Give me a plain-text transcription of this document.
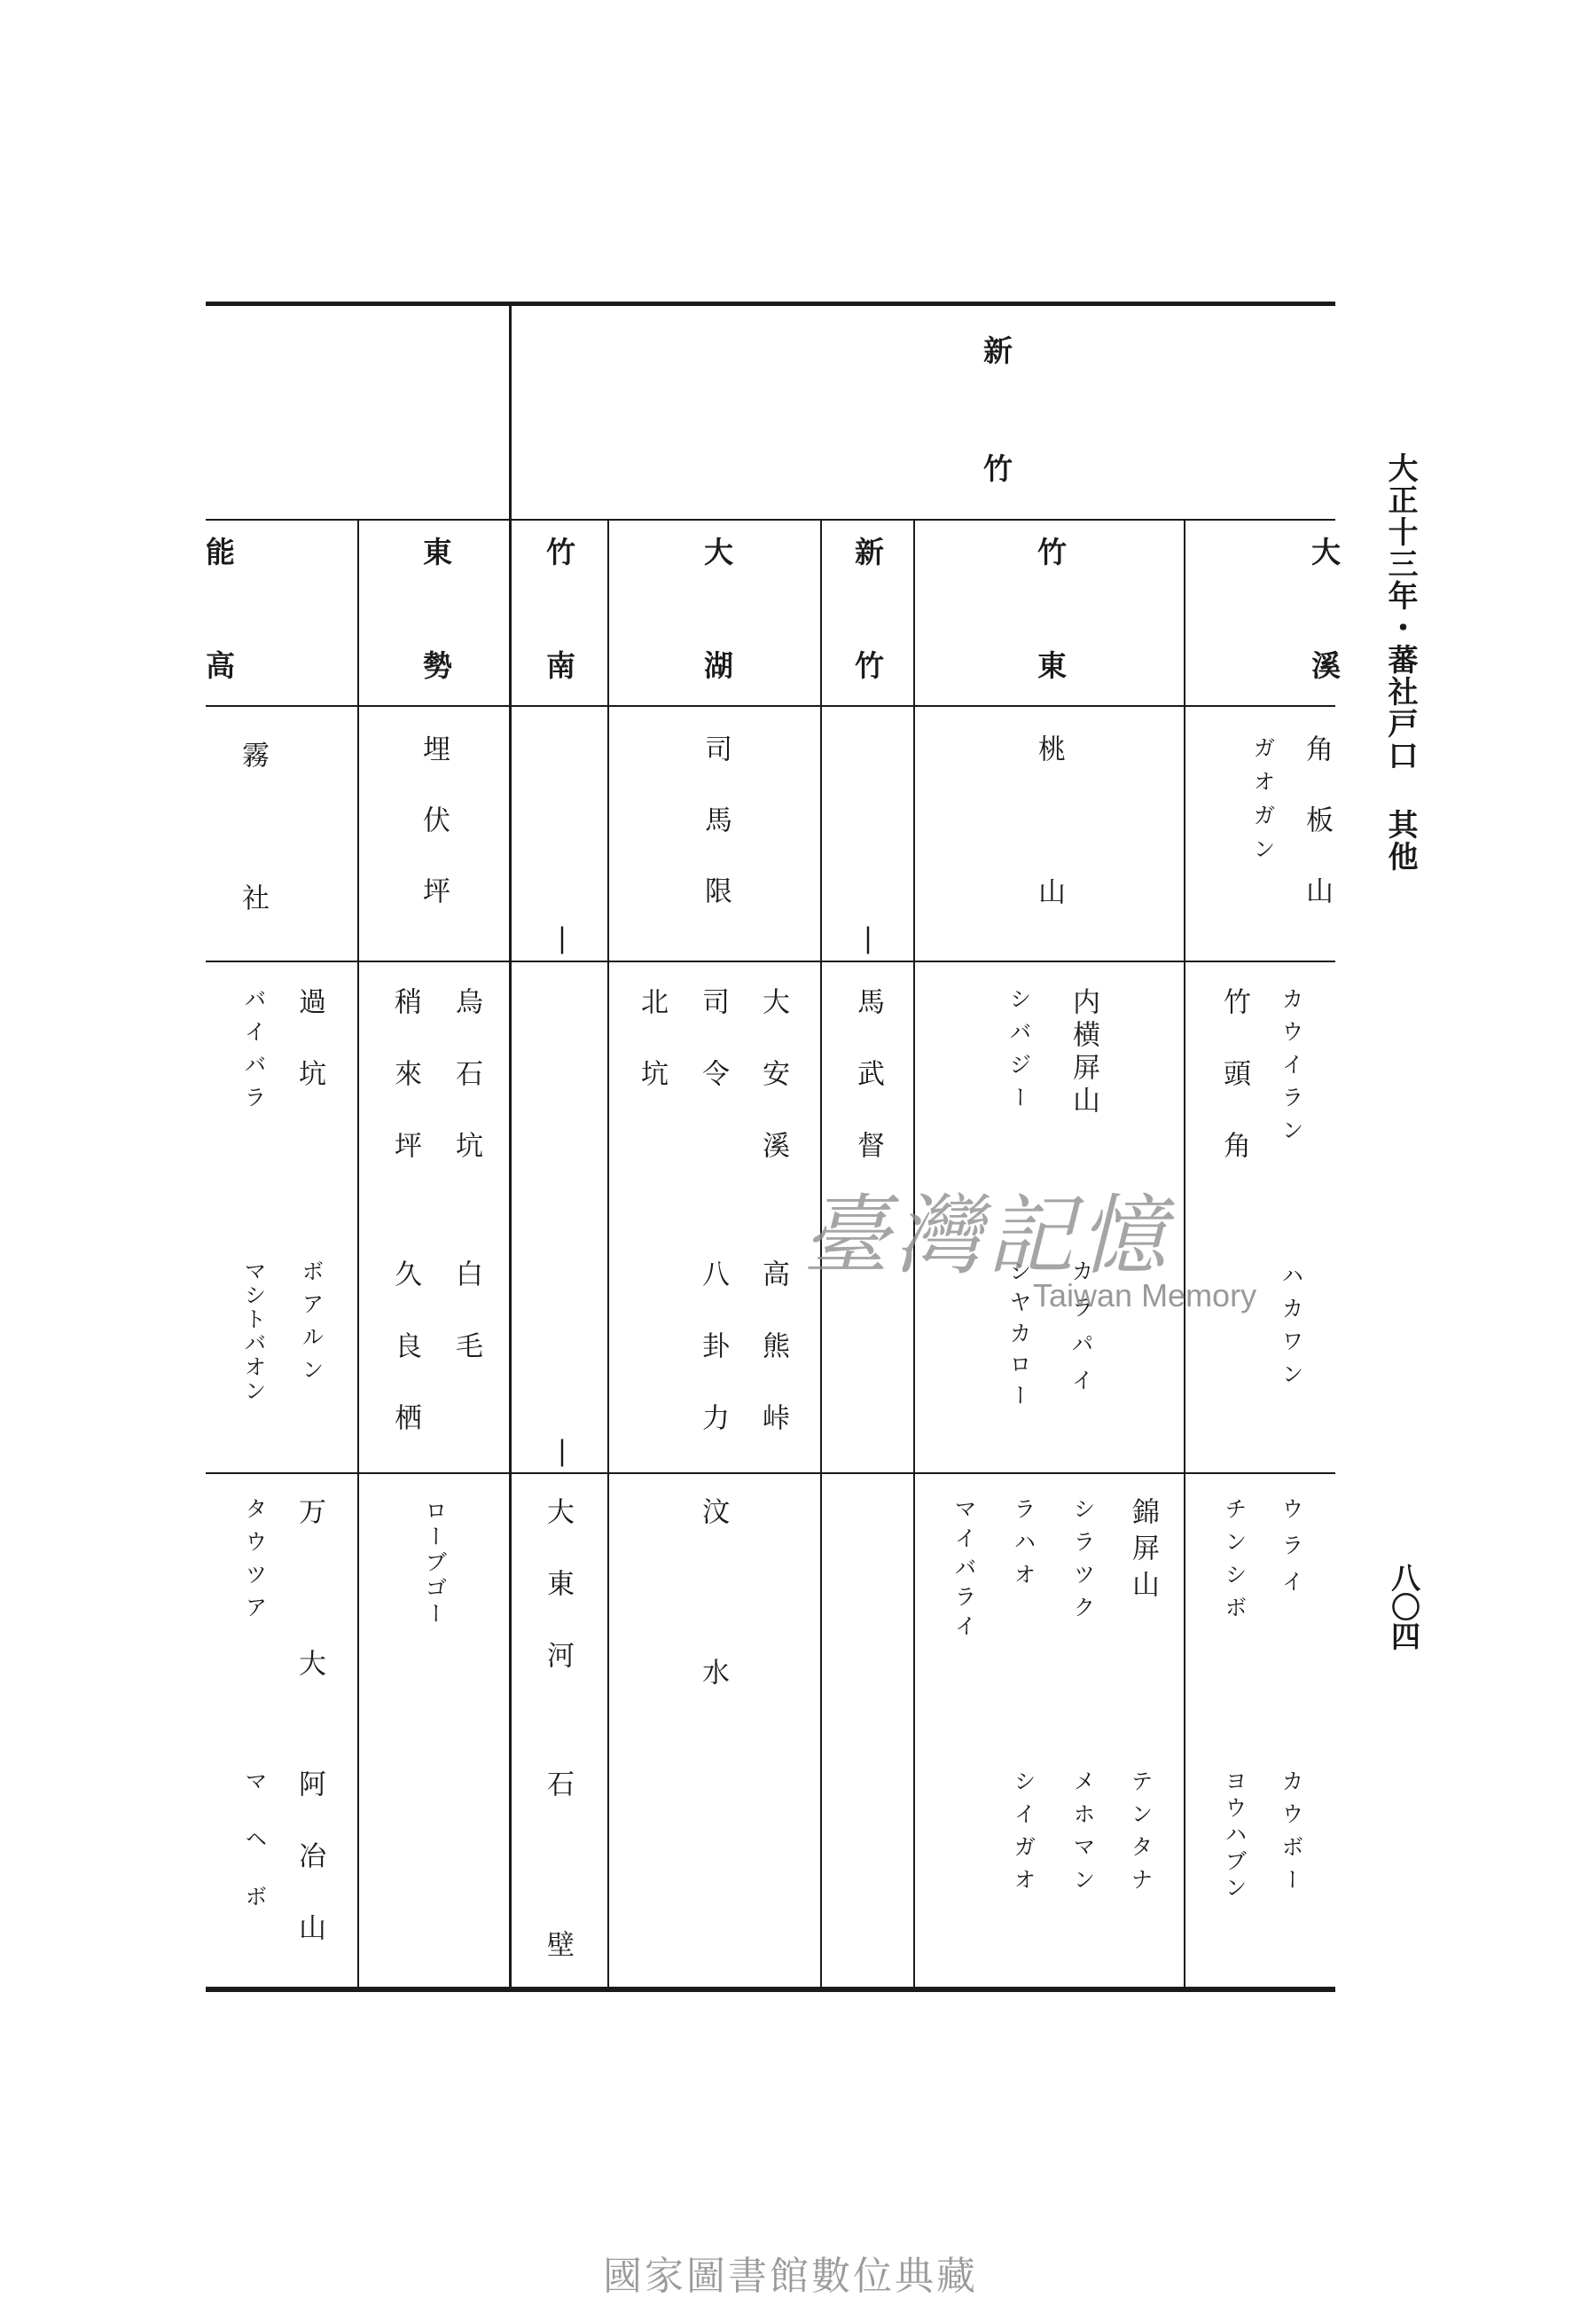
大正十三年・蕃社戸口 其他
八〇四
新竹
大溪
竹東
新竹
大湖
竹南
東勢
能高
角板山
ガオガン
桃山
司馬限
埋伏坪
霧社	|
|
|
カウイラン
竹頭角
ハカワン
内横屏山
シバジー
カラパイ
シヤカロー
馬武督
大安溪
高熊峠
司令
八卦力
北坑
烏石坑
白毛
稍來坪
久良栖
過坑
ボアルン
バイバラ
マシトバオン
ウライ
カウボー
チンシボ
ヨウハブン
錦屏山
テンタナ
シラツク
メホマン
ラハオ
シイガオ
マイバライ
汶水
大東河
石壁
ローブゴー
万大
阿冶山
タウツア
マヘボ
臺灣記憶
Taiwan Memory
國家圖書館數位典藏
